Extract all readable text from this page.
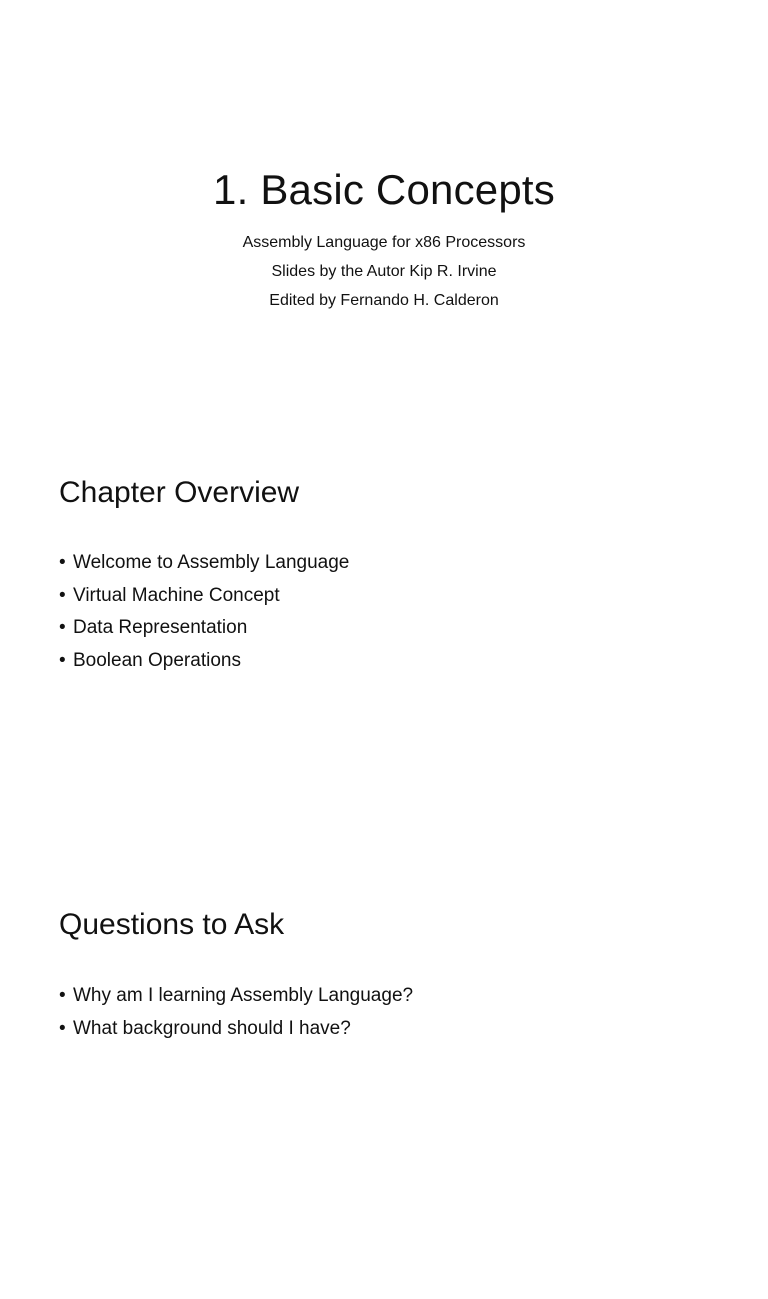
1. Basic Concepts
Assembly Language for x86 Processors
Slides by the Autor Kip R. Irvine
Edited by Fernando H. Calderon
Chapter Overview
• Welcome to Assembly Language
• Virtual Machine Concept
• Data Representation
• Boolean Operations
Questions to Ask
• Why am I learning Assembly Language?
• What background should I have?
